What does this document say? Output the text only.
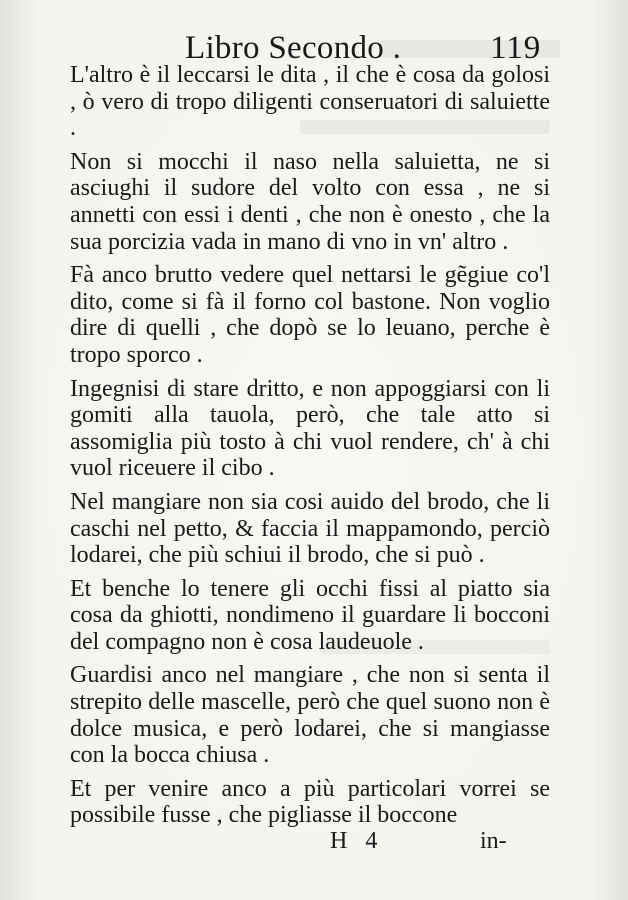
Libro Secondo .	119

L'altro è il leccarsi le dita , il che è cosa da golosi , ò vero di tropo diligenti conseruatori di saluiette .

Non si mocchi il naso nella saluietta, ne si asciughi il sudore del volto con essa , ne si annetti con essi i denti , che non è onesto , che la sua porcizia vada in mano di vno in vn' altro .

Fà anco brutto vedere quel nettarsi le gẽgiue co'l dito, come si fà il forno col bastone. Non voglio dire di quelli , che dopò se lo leuano, perche è tropo sporco .

Ingegnisi di stare dritto, e non appoggiarsi con li gomiti alla tauola, però, che tale atto si assomiglia più tosto à chi vuol rendere, ch' à chi vuol riceuere il cibo .

Nel mangiare non sia cosi auido del brodo, che li caschi nel petto, & faccia il mappamondo, perciò lodarei, che più schiui il brodo, che si può .

Et benche lo tenere gli occhi fissi al piatto sia cosa da ghiotti, nondimeno il guardare li bocconi del compagno non è cosa laudeuole .

Guardisi anco nel mangiare , che non si senta il strepito delle mascelle, però che quel suono non è dolce musica, e però lodarei, che si mangiasse con la bocca chiusa .

Et per venire anco a più particolari vorrei se possibile fusse , che pigliasse il boccone

H 4	in-
